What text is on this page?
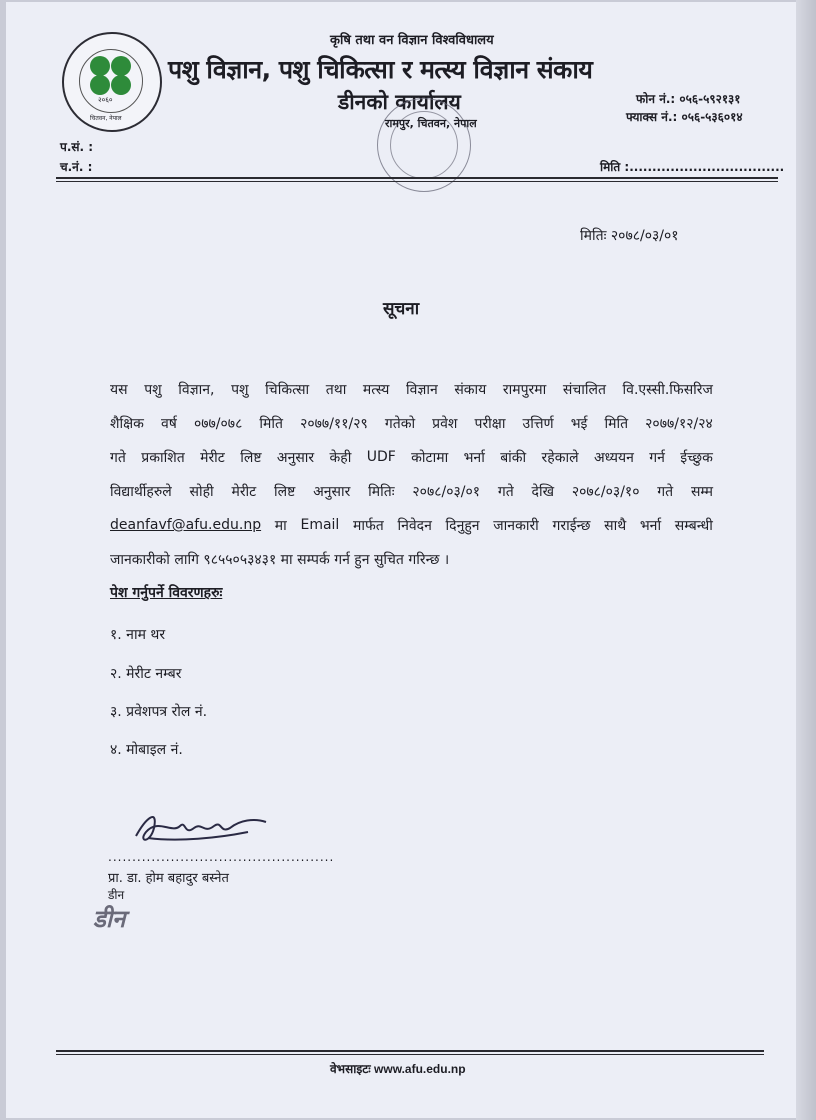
२०६०
चितवन, नेपाल
कृषि तथा वन विज्ञान विश्वविधालय
पशु विज्ञान, पशु चिकित्सा र मत्स्य विज्ञान संकाय
डीनको कार्यालय
रामपुर, चितवन, नेपाल
फोन नं.: ०५६-५९२१३१
फ्याक्स नं.: ०५६-५३६०१४
प.सं. :
च.नं. :	मिति :..................................
मितिः २०७८/०३/०१
सूचना
यस पशु विज्ञान, पशु चिकित्सा तथा मत्स्य विज्ञान संकाय रामपुरमा संचालित वि.एस्सी.फिसरिज
शैक्षिक वर्ष ०७७/०७८ मिति २०७७/११/२९ गतेको प्रवेश परीक्षा उत्तिर्ण भई मिति २०७७/१२/२४
गते प्रकाशित मेरीट लिष्ट अनुसार केही UDF कोटामा भर्ना बांकी रहेकाले अध्ययन गर्न ईच्छुक
विद्यार्थीहरुले सोही मेरीट लिष्ट अनुसार मितिः २०७८/०३/०१ गते देखि २०७८/०३/१० गते सम्म
deanfavf@afu.edu.np मा Email मार्फत निवेदन दिनुहुन जानकारी गराईन्छ साथै भर्ना सम्बन्धी
जानकारीको लागि ९८५५०५३४३१ मा सम्पर्क गर्न हुन सुचित गरिन्छ ।
पेश गर्नुपर्ने विवरणहरुः
१. नाम थर
२. मेरीट नम्बर
३. प्रवेशपत्र रोल नं.
४. मोबाइल नं.
...............................................
प्रा. डा. होम बहादुर बस्नेत
डीन
डीन
वेभसाइटः www.afu.edu.np
